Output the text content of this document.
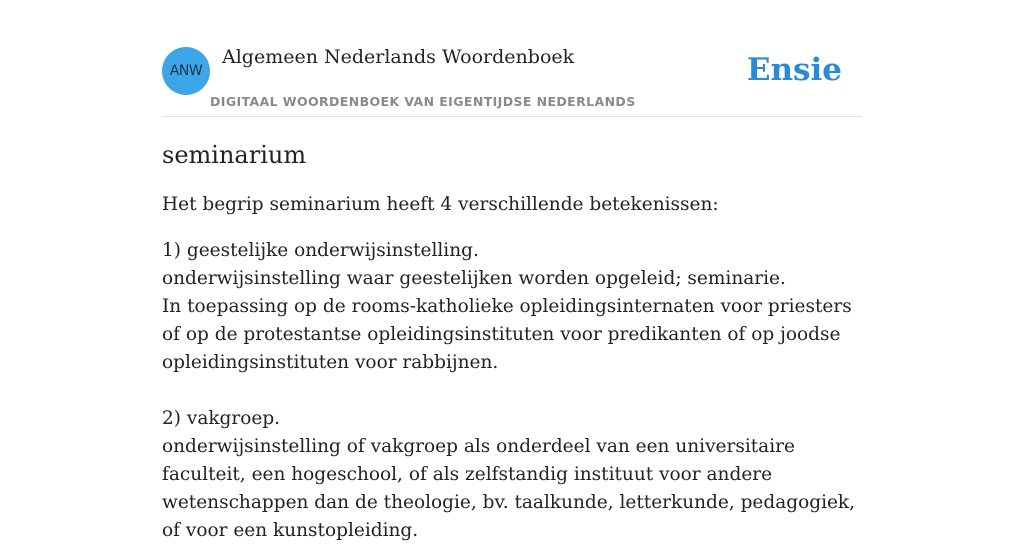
ANW
Algemeen Nederlands Woordenboek
DIGITAAL WOORDENBOEK VAN EIGENTIJDSE NEDERLANDS
Ensie
seminarium
Het begrip seminarium heeft 4 verschillende betekenissen:
1) geestelijke onderwijsinstelling.
onderwijsinstelling waar geestelijken worden opgeleid; seminarie.
In toepassing op de rooms-katholieke opleidingsinternaten voor priesters of op de protestantse opleidingsinstituten voor predikanten of op joodse opleidingsinstituten voor rabbijnen.
2) vakgroep.
onderwijsinstelling of vakgroep als onderdeel van een universitaire faculteit, een hogeschool, of als zelfstandig instituut voor andere wetenschappen dan de theologie, bv. taalkunde, letterkunde, pedagogiek, of voor een kunstopleiding.
